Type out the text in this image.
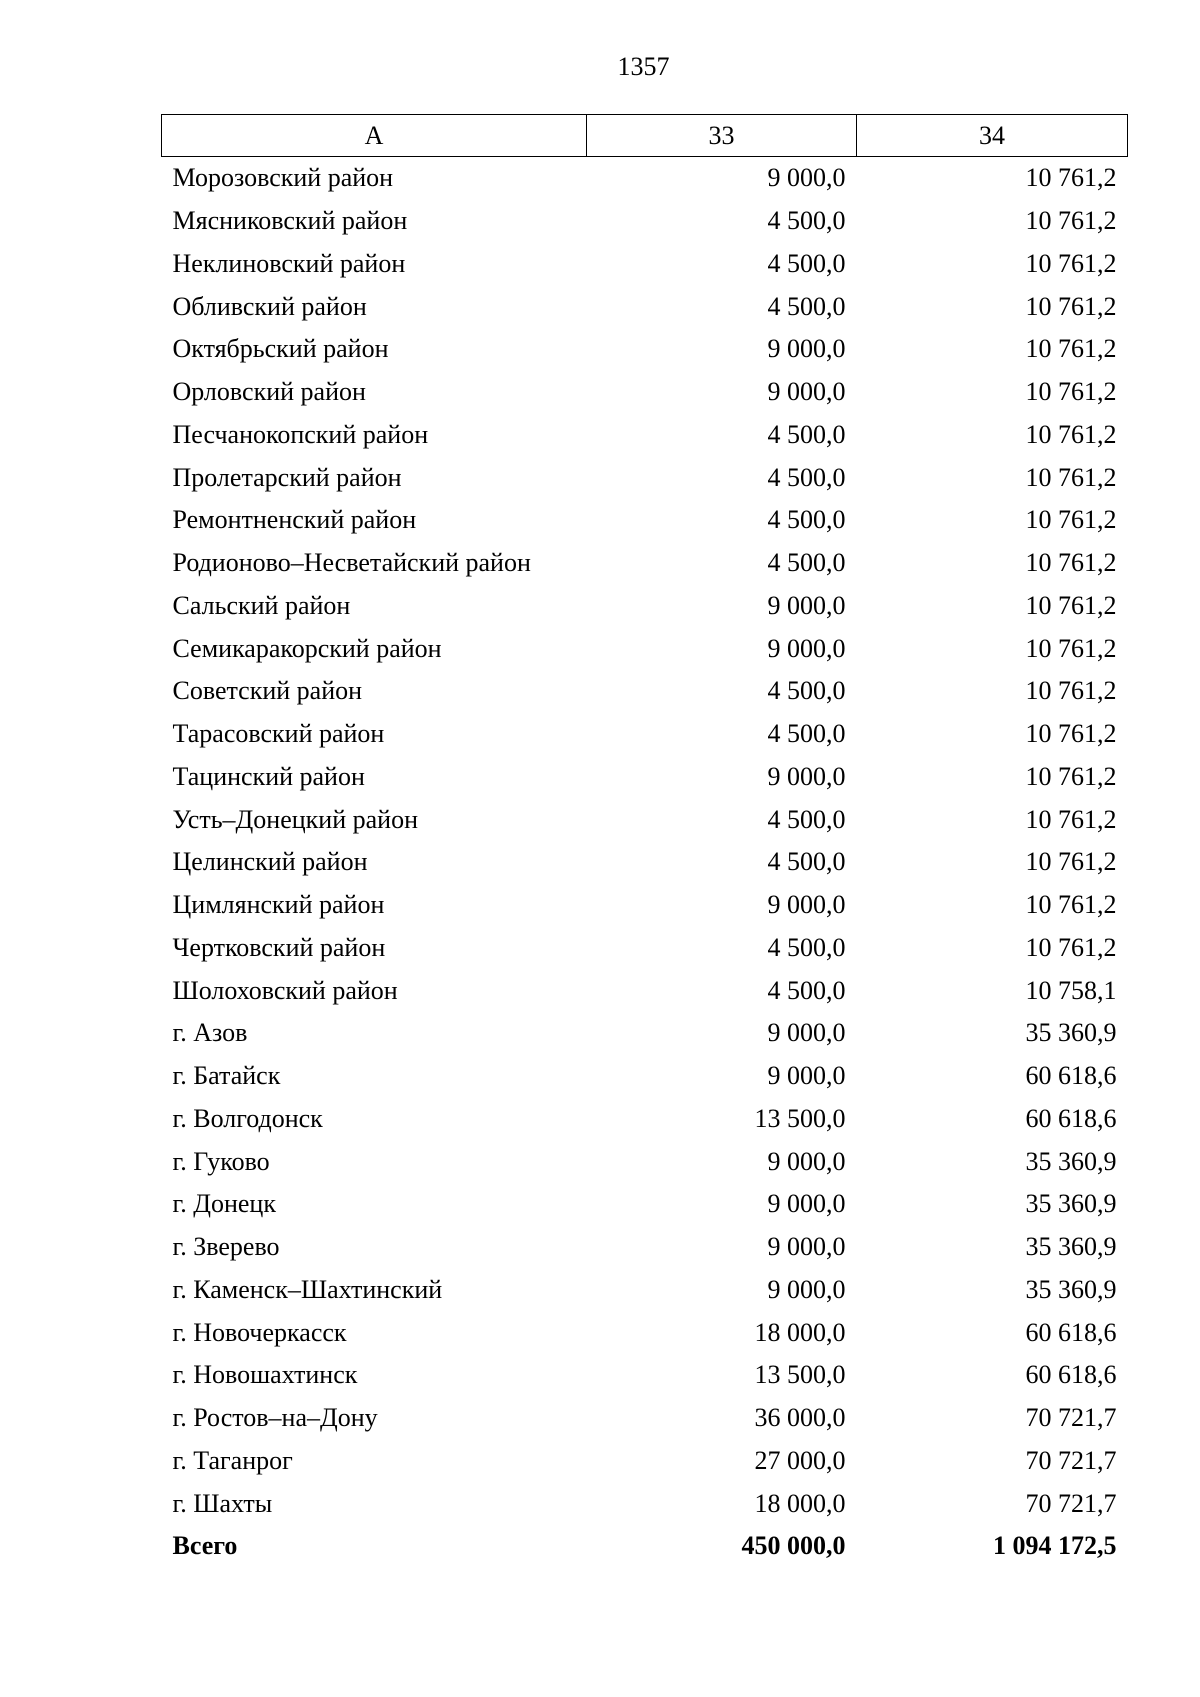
1357
А	33	34
Морозовский район	9 000,0	10 761,2
Мясниковский район	4 500,0	10 761,2
Неклиновский район	4 500,0	10 761,2
Обливский район	4 500,0	10 761,2
Октябрьский район	9 000,0	10 761,2
Орловский район	9 000,0	10 761,2
Песчанокопский район	4 500,0	10 761,2
Пролетарский район	4 500,0	10 761,2
Ремонтненский район	4 500,0	10 761,2
Родионово–Несветайский район	4 500,0	10 761,2
Сальский район	9 000,0	10 761,2
Семикаракорский район	9 000,0	10 761,2
Советский район	4 500,0	10 761,2
Тарасовский район	4 500,0	10 761,2
Тацинский район	9 000,0	10 761,2
Усть–Донецкий район	4 500,0	10 761,2
Целинский район	4 500,0	10 761,2
Цимлянский район	9 000,0	10 761,2
Чертковский район	4 500,0	10 761,2
Шолоховский район	4 500,0	10 758,1
г. Азов	9 000,0	35 360,9
г. Батайск	9 000,0	60 618,6
г. Волгодонск	13 500,0	60 618,6
г. Гуково	9 000,0	35 360,9
г. Донецк	9 000,0	35 360,9
г. Зверево	9 000,0	35 360,9
г. Каменск–Шахтинский	9 000,0	35 360,9
г. Новочеркасск	18 000,0	60 618,6
г. Новошахтинск	13 500,0	60 618,6
г. Ростов–на–Дону	36 000,0	70 721,7
г. Таганрог	27 000,0	70 721,7
г. Шахты	18 000,0	70 721,7
Всего	450 000,0	1 094 172,5
